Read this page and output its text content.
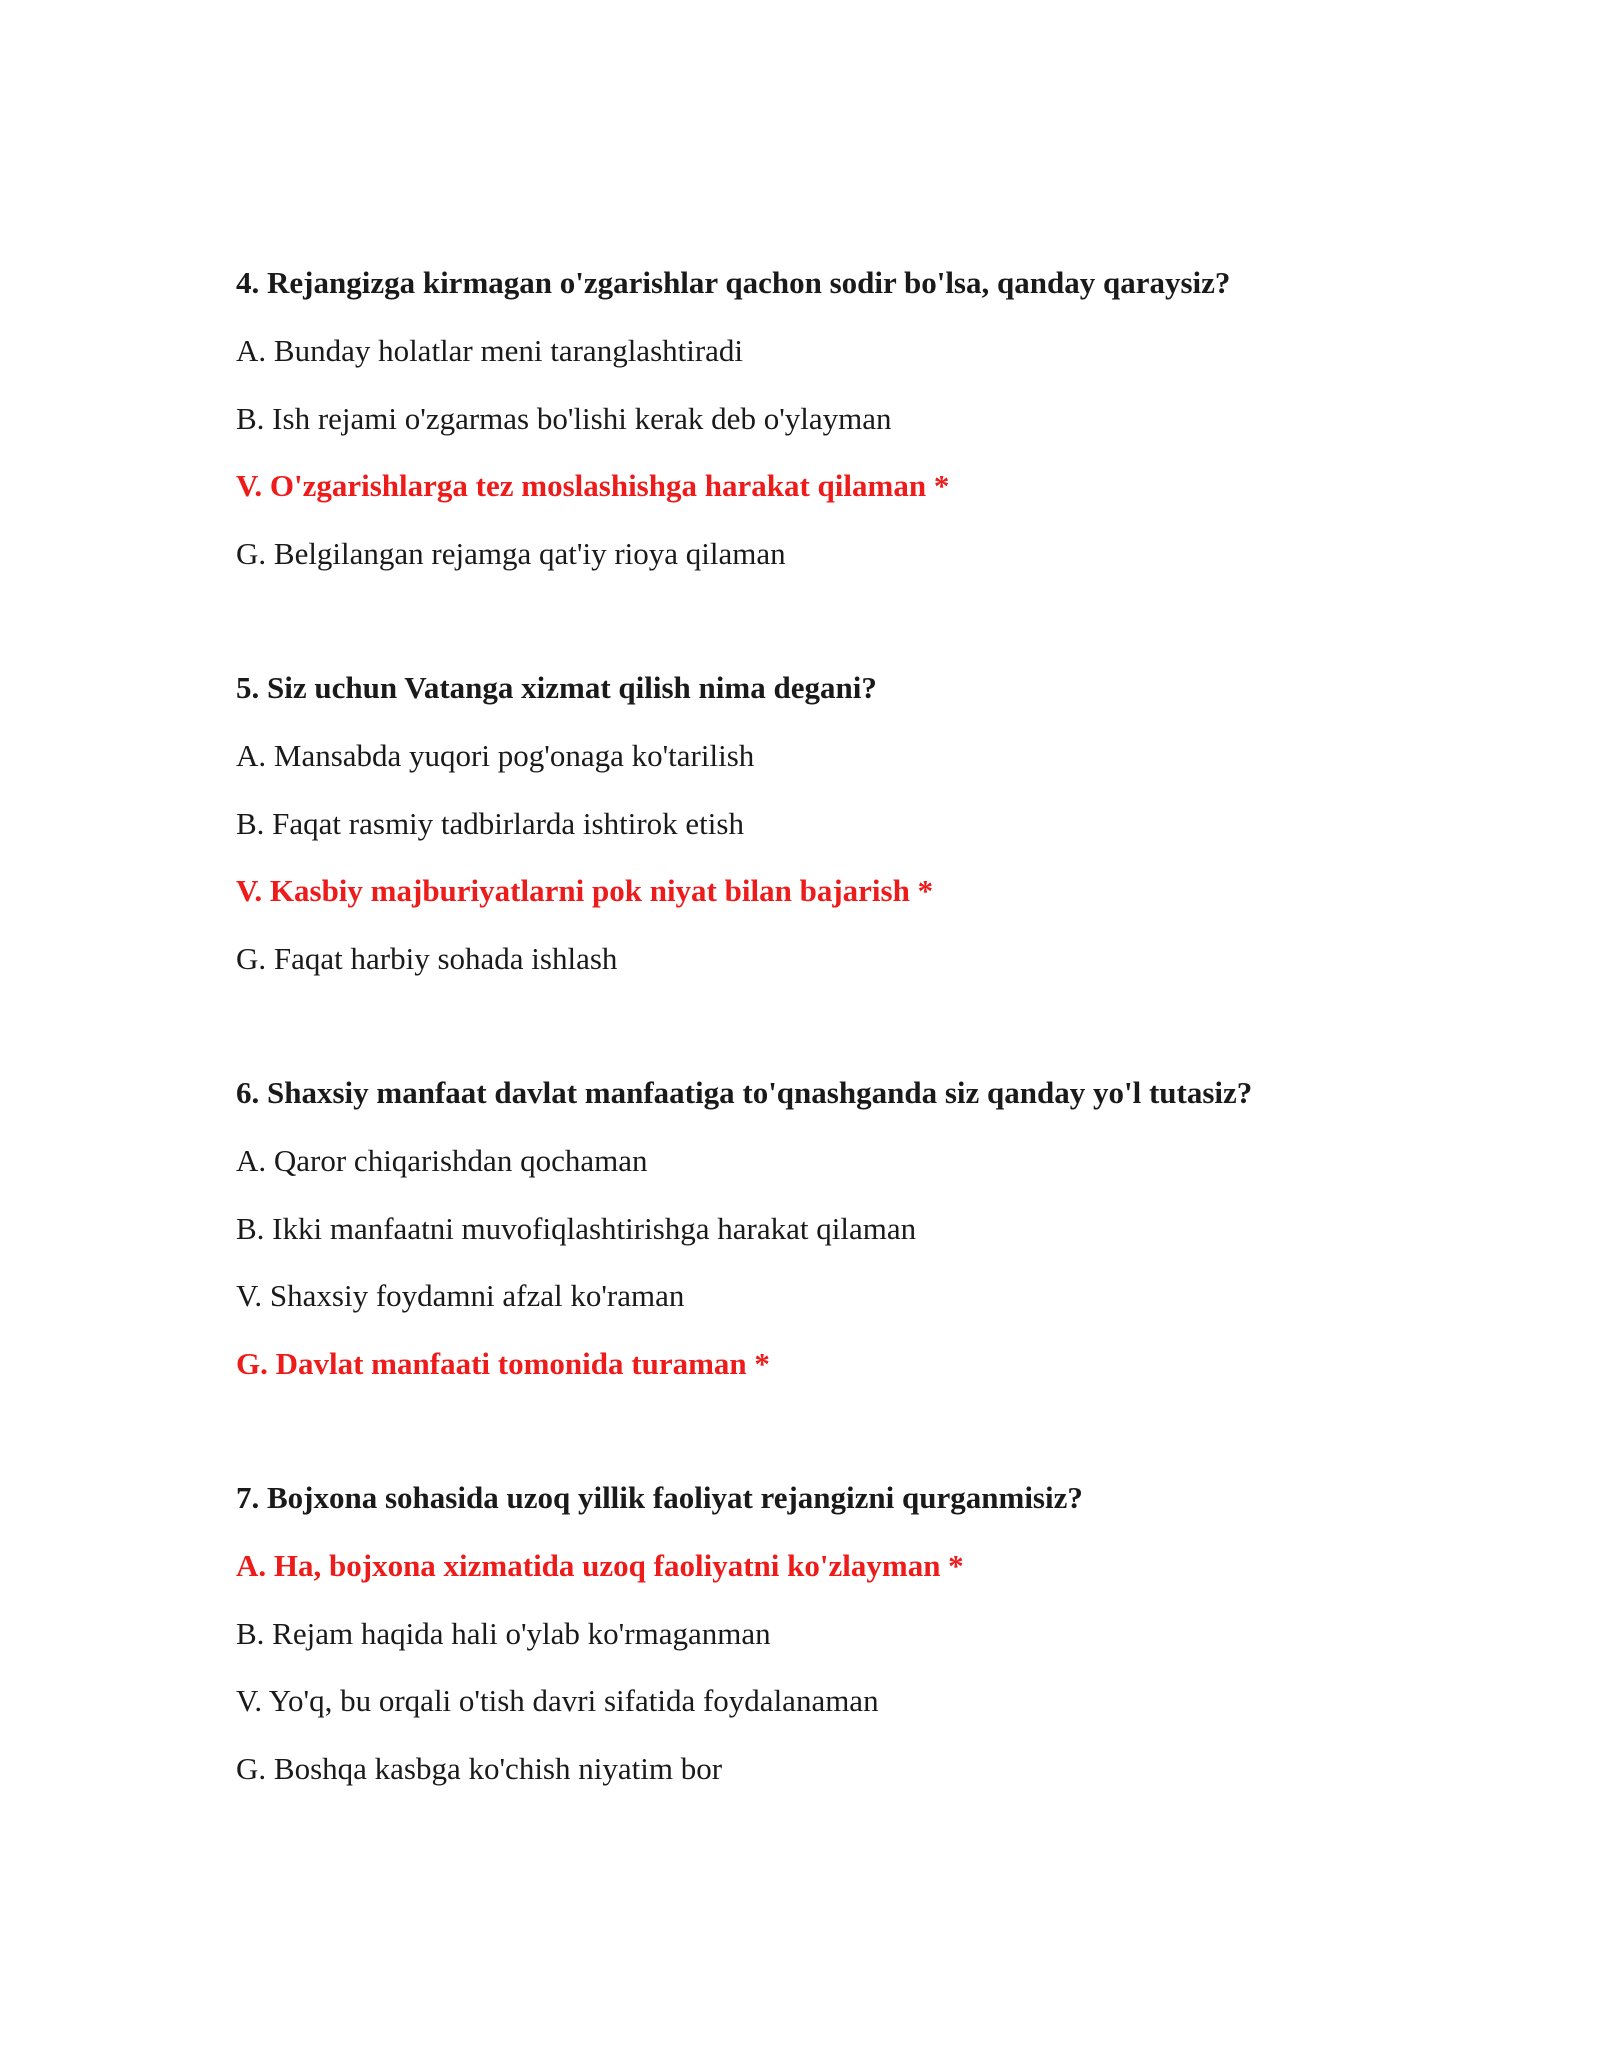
4. Rejangizga kirmagan o'zgarishlar qachon sodir bo'lsa, qanday qaraysiz?
A. Bunday holatlar meni taranglashtiradi
B. Ish rejami o'zgarmas bo'lishi kerak deb o'ylayman
V. O'zgarishlarga tez moslashishga harakat qilaman *
G. Belgilangan rejamga qat'iy rioya qilaman
5. Siz uchun Vatanga xizmat qilish nima degani?
A. Mansabda yuqori pog'onaga ko'tarilish
B. Faqat rasmiy tadbirlarda ishtirok etish
V. Kasbiy majburiyatlarni pok niyat bilan bajarish *
G. Faqat harbiy sohada ishlash
6. Shaxsiy manfaat davlat manfaatiga to'qnashganda siz qanday yo'l tutasiz?
A. Qaror chiqarishdan qochaman
B. Ikki manfaatni muvofiqlashtirishga harakat qilaman
V. Shaxsiy foydamni afzal ko'raman
G. Davlat manfaati tomonida turaman *
7. Bojxona sohasida uzoq yillik faoliyat rejangizni qurganmisiz?
A. Ha, bojxona xizmatida uzoq faoliyatni ko'zlayman *
B. Rejam haqida hali o'ylab ko'rmaganman
V. Yo'q, bu orqali o'tish davri sifatida foydalanaman
G. Boshqa kasbga ko'chish niyatim bor
